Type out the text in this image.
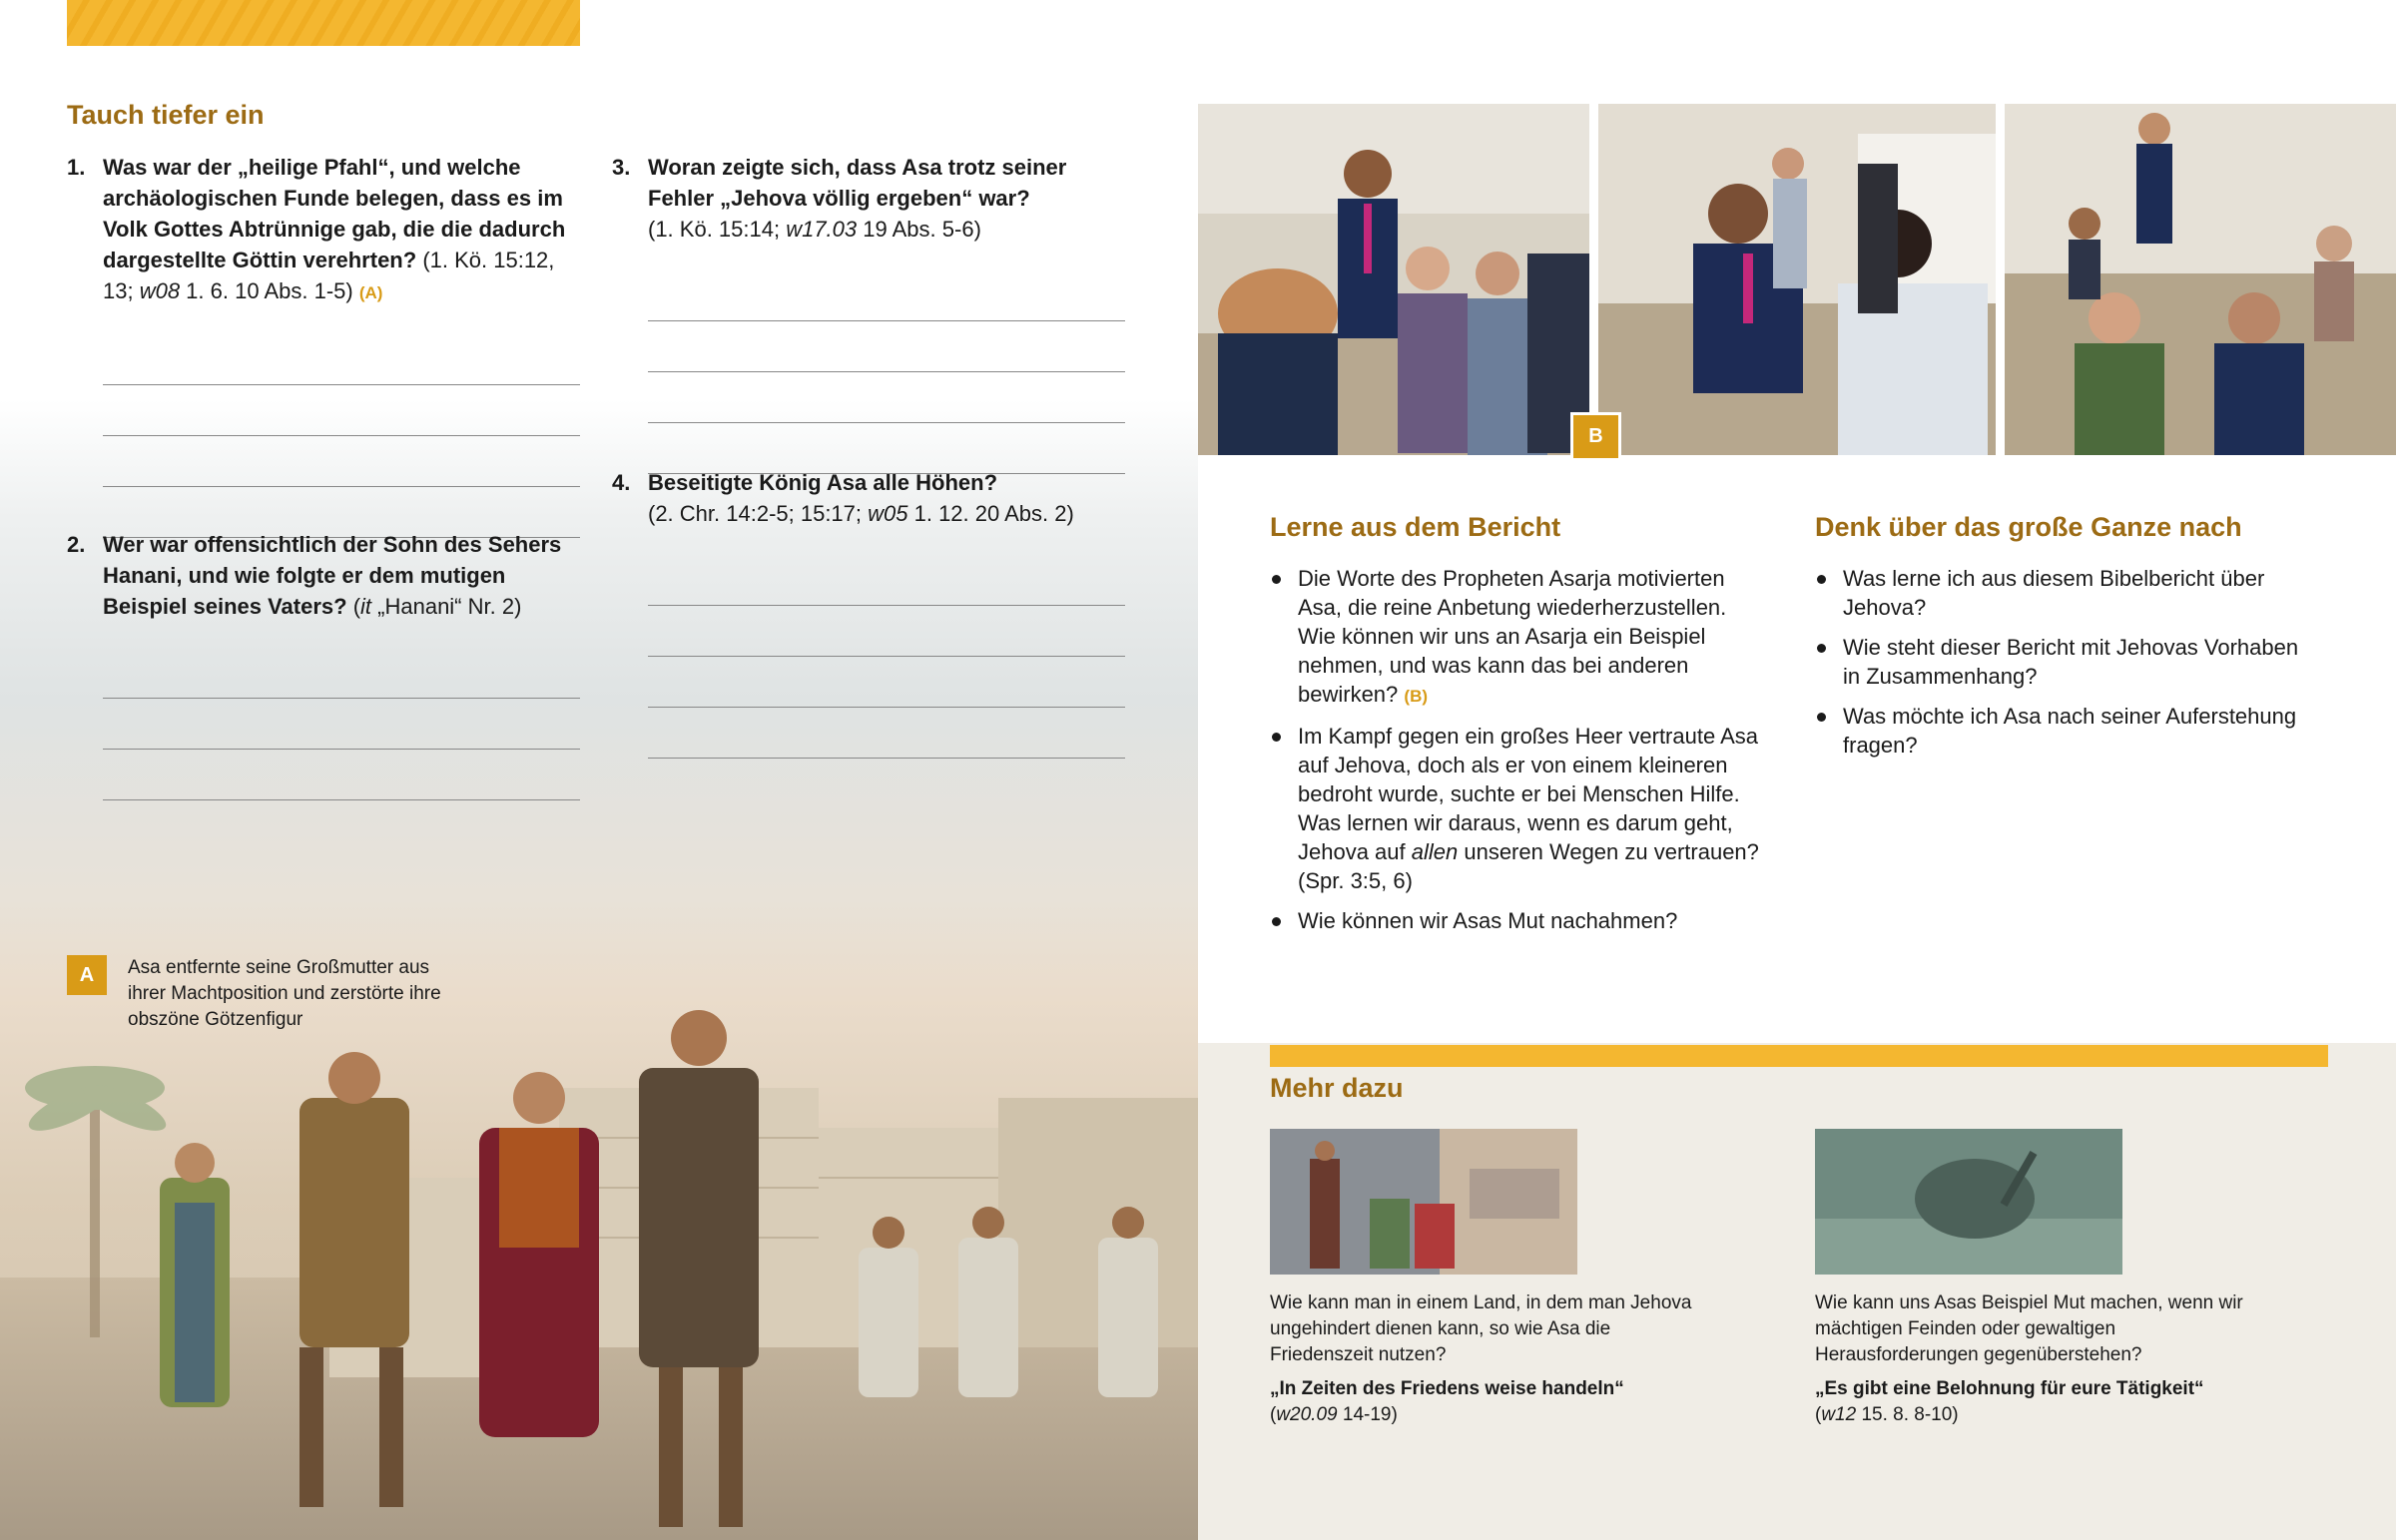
Tauch tiefer ein
1. Was war der „heilige Pfahl“, und welche archäologischen Funde belegen, dass es im Volk Gottes Abtrünnige gab, die die dadurch dargestellte Göttin verehrten? (1. Kö. 15:12, 13; w08 1. 6. 10 Abs. 1-5) (A)
2. Wer war offensichtlich der Sohn des Sehers Hanani, und wie folgte er dem mutigen Beispiel seines Vaters? (it „Hanani“ Nr. 2)
3. Woran zeigte sich, dass Asa trotz seiner Fehler „Jehova völlig ergeben“ war?
(1. Kö. 15:14; w17.03 19 Abs. 5-6)
4. Beseitigte König Asa alle Höhen?
(2. Chr. 14:2-5; 15:17; w05 1. 12. 20 Abs. 2)
A	Asa entfernte seine Großmutter aus ihrer Machtposition und zerstörte ihre obszöne Götzenfigur
B
Lerne aus dem Bericht
Die Worte des Propheten Asarja motivierten Asa, die reine Anbetung wiederherzustellen. Wie können wir uns an Asarja ein Beispiel nehmen, und was kann das bei anderen bewirken? (B)
Im Kampf gegen ein großes Heer vertraute Asa auf Jehova, doch als er von einem kleineren bedroht wurde, suchte er bei Menschen Hilfe. Was lernen wir daraus, wenn es darum geht, Jehova auf allen unseren Wegen zu vertrauen? (Spr. 3:5, 6)
Wie können wir Asas Mut nachahmen?
Denk über das große Ganze nach
Was lerne ich aus diesem Bibelbericht über Jehova?
Wie steht dieser Bericht mit Jehovas Vorhaben in Zusammenhang?
Was möchte ich Asa nach seiner Auferstehung fragen?
Mehr dazu
Wie kann man in einem Land, in dem man Jehova ungehindert dienen kann, so wie Asa die Friedenszeit nutzen?
„In Zeiten des Friedens weise handeln“
(w20.09 14-19)
Wie kann uns Asas Beispiel Mut machen, wenn wir mächtigen Feinden oder gewaltigen Herausforderungen gegenüberstehen?
„Es gibt eine Belohnung für eure Tätigkeit“
(w12 15. 8. 8-10)
